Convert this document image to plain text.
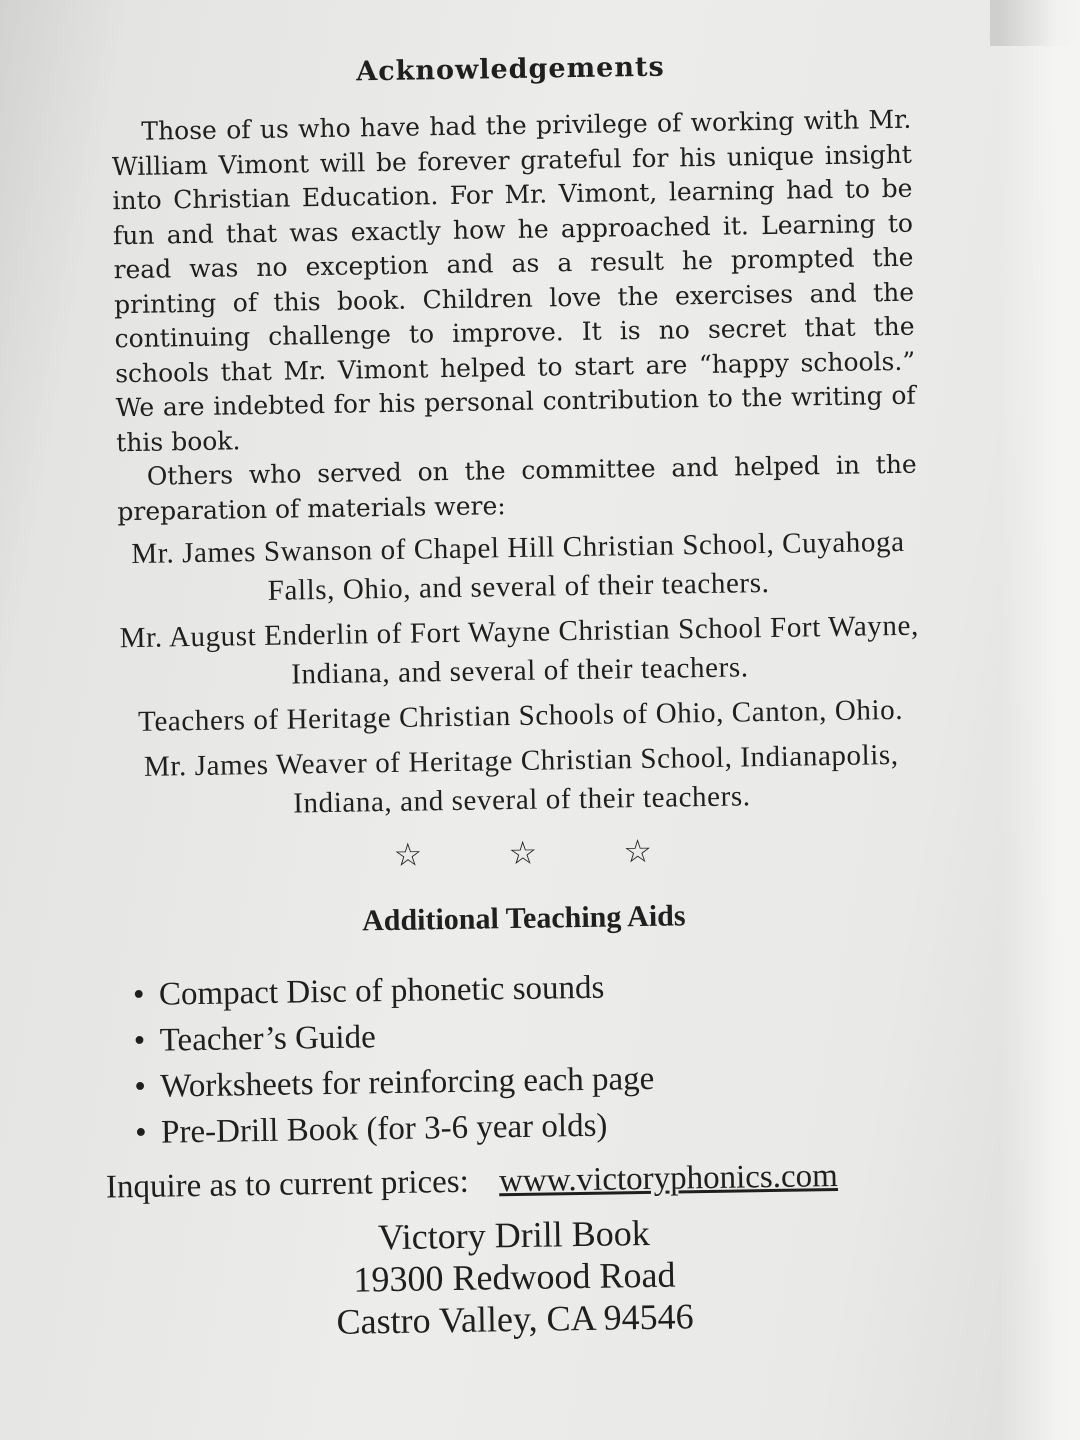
Acknowledgements

Those of us who have had the privilege of working with Mr. William Vimont will be forever grateful for his unique insight into Christian Education. For Mr. Vimont, learning had to be fun and that was exactly how he approached it. Learning to read was no exception and as a result he prompted the printing of this book. Children love the exercises and the continuing challenge to improve. It is no secret that the schools that Mr. Vimont helped to start are “happy schools.” We are indebted for his personal contribution to the writing of this book.

Others who served on the committee and helped in the preparation of materials were:

Mr. James Swanson of Chapel Hill Christian School, Cuyahoga Falls, Ohio, and several of their teachers.

Mr. August Enderlin of Fort Wayne Christian School Fort Wayne, Indiana, and several of their teachers.

Teachers of Heritage Christian Schools of Ohio, Canton, Ohio.

Mr. James Weaver of Heritage Christian School, Indianapolis, Indiana, and several of their teachers.

☆ ☆ ☆
Additional Teaching Aids
• Compact Disc of phonetic sounds
• Teacher’s Guide
• Worksheets for reinforcing each page
• Pre-Drill Book (for 3-6 year olds)
Inquire as to current prices: www.victoryphonics.com
Victory Drill Book
19300 Redwood Road
Castro Valley, CA 94546
